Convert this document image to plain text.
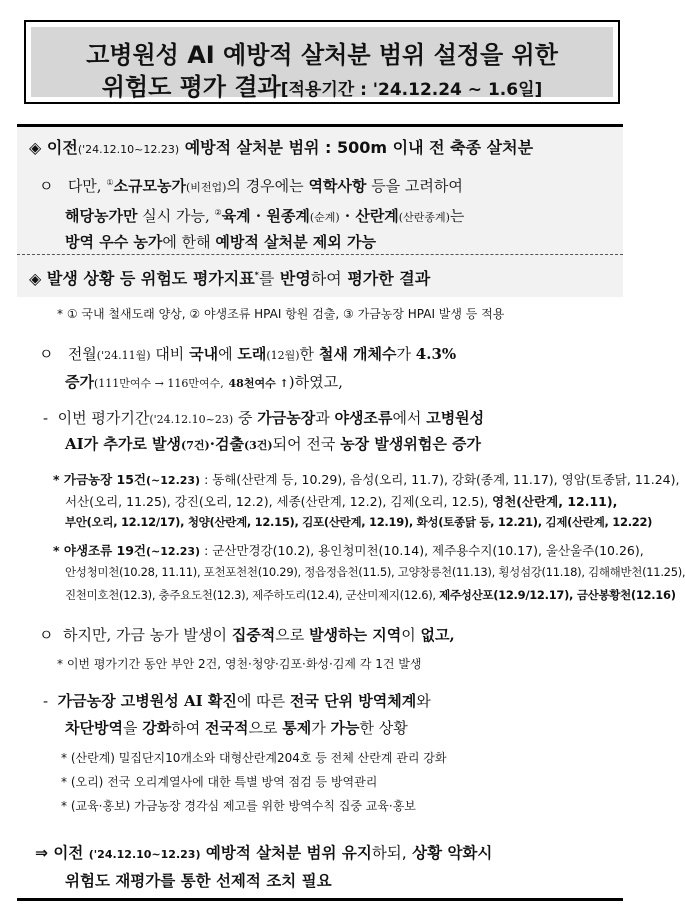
고병원성 AI 예방적 살처분 범위 설정을 위한
위험도 평가 결과[적용기간 : '24.12.24 ~ 1.6일]
◈ 이전('24.12.10~12.23) 예방적 살처분 범위 : 500m 이내 전 축종 살처분
ㅇ 다만, ①소규모농가(비전업)의 경우에는 역학사항 등을 고려하여
해당농가만 실시 가능, ②육계 · 원종계(순계) · 산란계(산란종계)는
방역 우수 농가에 한해 예방적 살처분 제외 가능
◈ 발생 상황 등 위험도 평가지표*를 반영하여 평가한 결과
* ① 국내 철새도래 양상, ② 야생조류 HPAI 항원 검출, ③ 가금농장 HPAI 발생 등 적용
ㅇ 전월('24.11월) 대비 국내에 도래(12월)한 철새 개체수가 4.3%
증가(111만여수 → 116만여수, 48천여수 ↑)하였고,
- 이번 평가기간('24.12.10~23) 중 가금농장과 야생조류에서 고병원성
AI가 추가로 발생(7건)·검출(3건)되어 전국 농장 발생위험은 증가
* 가금농장 15건(~12.23) : 동해(산란계 등, 10.29), 음성(오리, 11.7), 강화(종계, 11.17), 영암(토종닭, 11.24),
서산(오리, 11.25), 강진(오리, 12.2), 세종(산란계, 12.2), 김제(오리, 12.5), 영천(산란계, 12.11),
부안(오리, 12.12/17), 청양(산란계, 12.15), 김포(산란계, 12.19), 화성(토종닭 등, 12.21), 김제(산란계, 12.22)
* 야생조류 19건(~12.23) : 군산만경강(10.2), 용인청미천(10.14), 제주용수지(10.17), 울산울주(10.26),
안성청미천(10.28, 11.11), 포천포천천(10.29), 정읍정읍천(11.5), 고양창릉천(11.13), 횡성섬강(11.18), 김해해반천(11.25),
진천미호천(12.3), 충주요도천(12.3), 제주하도리(12.4), 군산미제지(12.6), 제주성산포(12.9/12.17), 금산봉황천(12.16)
ㅇ 하지만, 가금 농가 발생이 집중적으로 발생하는 지역이 없고,
* 이번 평가기간 동안 부안 2건, 영천·청양·김포·화성·김제 각 1건 발생
- 가금농장 고병원성 AI 확진에 따른 전국 단위 방역체계와
차단방역을 강화하여 전국적으로 통제가 가능한 상황
* (산란계) 밀집단지10개소와 대형산란계204호 등 전체 산란계 관리 강화
* (오리) 전국 오리계열사에 대한 특별 방역 점검 등 방역관리
* (교육·홍보) 가금농장 경각심 제고를 위한 방역수칙 집중 교육·홍보
⇒ 이전 ('24.12.10~12.23) 예방적 살처분 범위 유지하되, 상황 악화시
위험도 재평가를 통한 선제적 조치 필요
